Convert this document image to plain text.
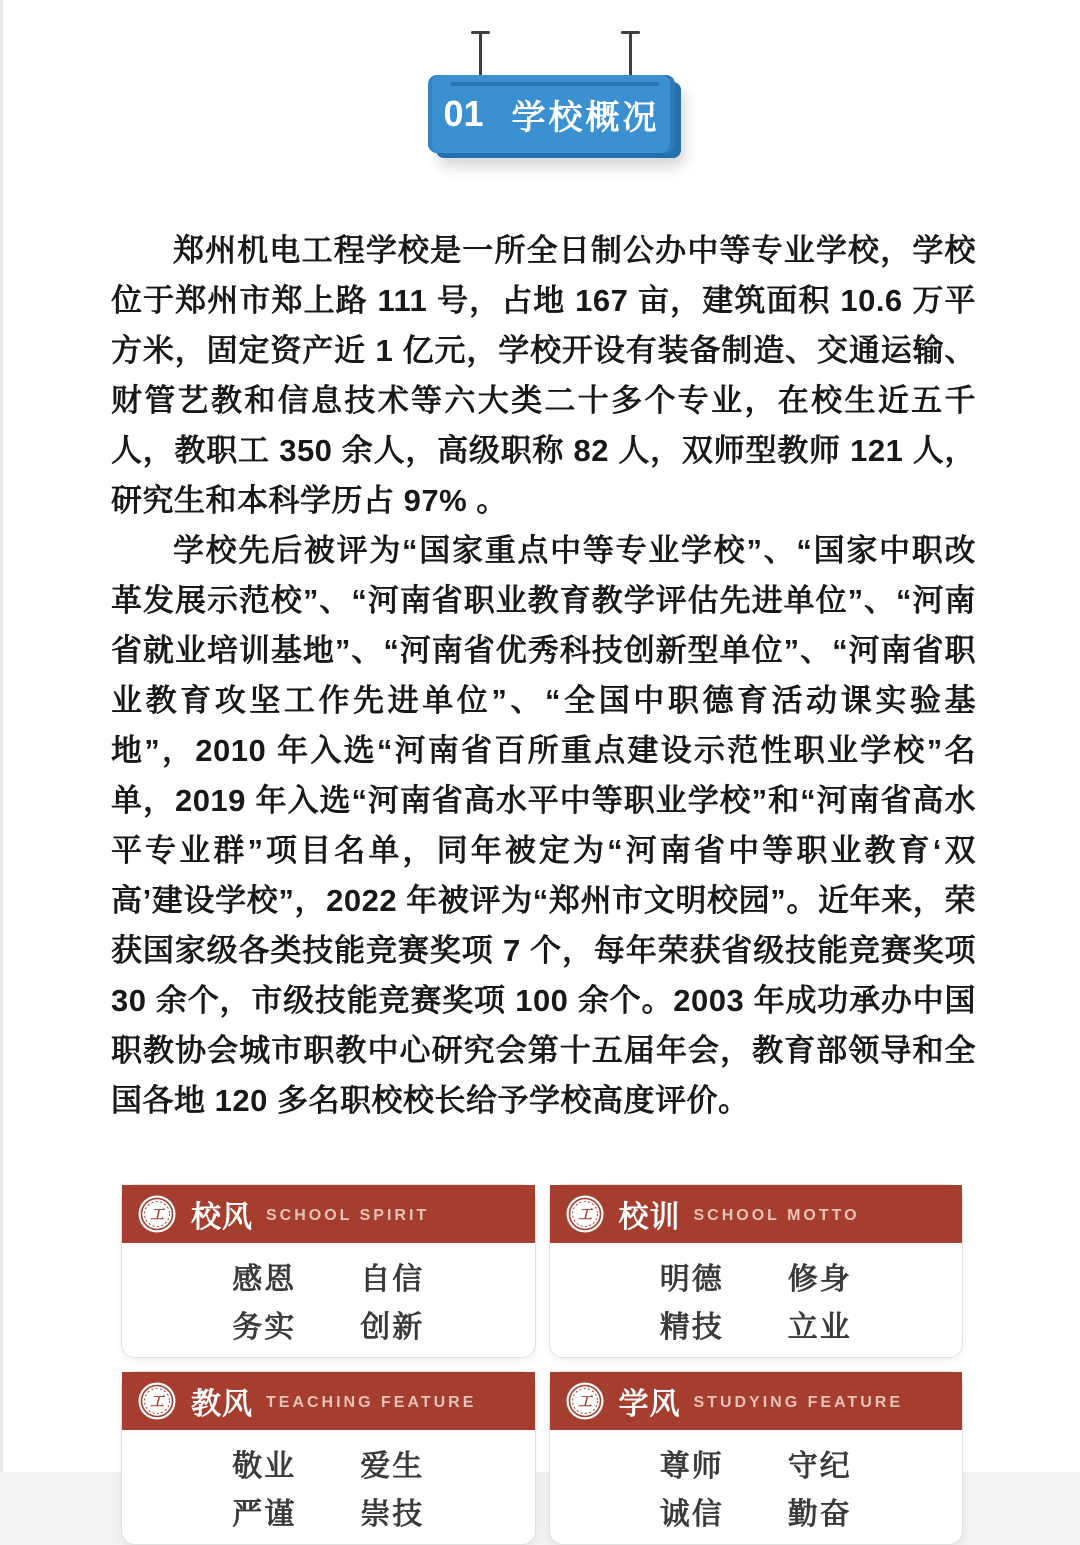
01 学校概况

郑州机电工程学校是一所全日制公办中等专业学校，学校位于郑州市郑上路 111 号，占地 167 亩，建筑面积 10.6 万平方米，固定资产近 1 亿元，学校开设有装备制造、交通运输、财管艺教和信息技术等六大类二十多个专业，在校生近五千人，教职工 350 余人，高级职称 82 人，双师型教师 121 人，研究生和本科学历占 97% 。

学校先后被评为“国家重点中等专业学校”、“国家中职改革发展示范校”、“河南省职业教育教学评估先进单位”、“河南省就业培训基地”、“河南省优秀科技创新型单位”、“河南省职业教育攻坚工作先进单位”、“全国中职德育活动课实验基地”，2010 年入选“河南省百所重点建设示范性职业学校”名单，2019 年入选“河南省高水平中等职业学校”和“河南省高水平专业群”项目名单，同年被定为“河南省中等职业教育‘双高’建设学校”，2022 年被评为“郑州市文明校园”。近年来，荣获国家级各类技能竞赛奖项 7 个，每年荣获省级技能竞赛奖项 30 余个，市级技能竞赛奖项 100 余个。2003 年成功承办中国职教协会城市职教中心研究会第十五届年会，教育部领导和全国各地 120 多名职校校长给予学校高度评价。

工 校风 SCHOOL SPIRIT
感恩 自信
务实 创新
工 校训 SCHOOL MOTTO
明德 修身
精技 立业
工 教风 TEACHING FEATURE
敬业 爱生
严谨 崇技
工 学风 STUDYING FEATURE
尊师 守纪
诚信 勤奋
